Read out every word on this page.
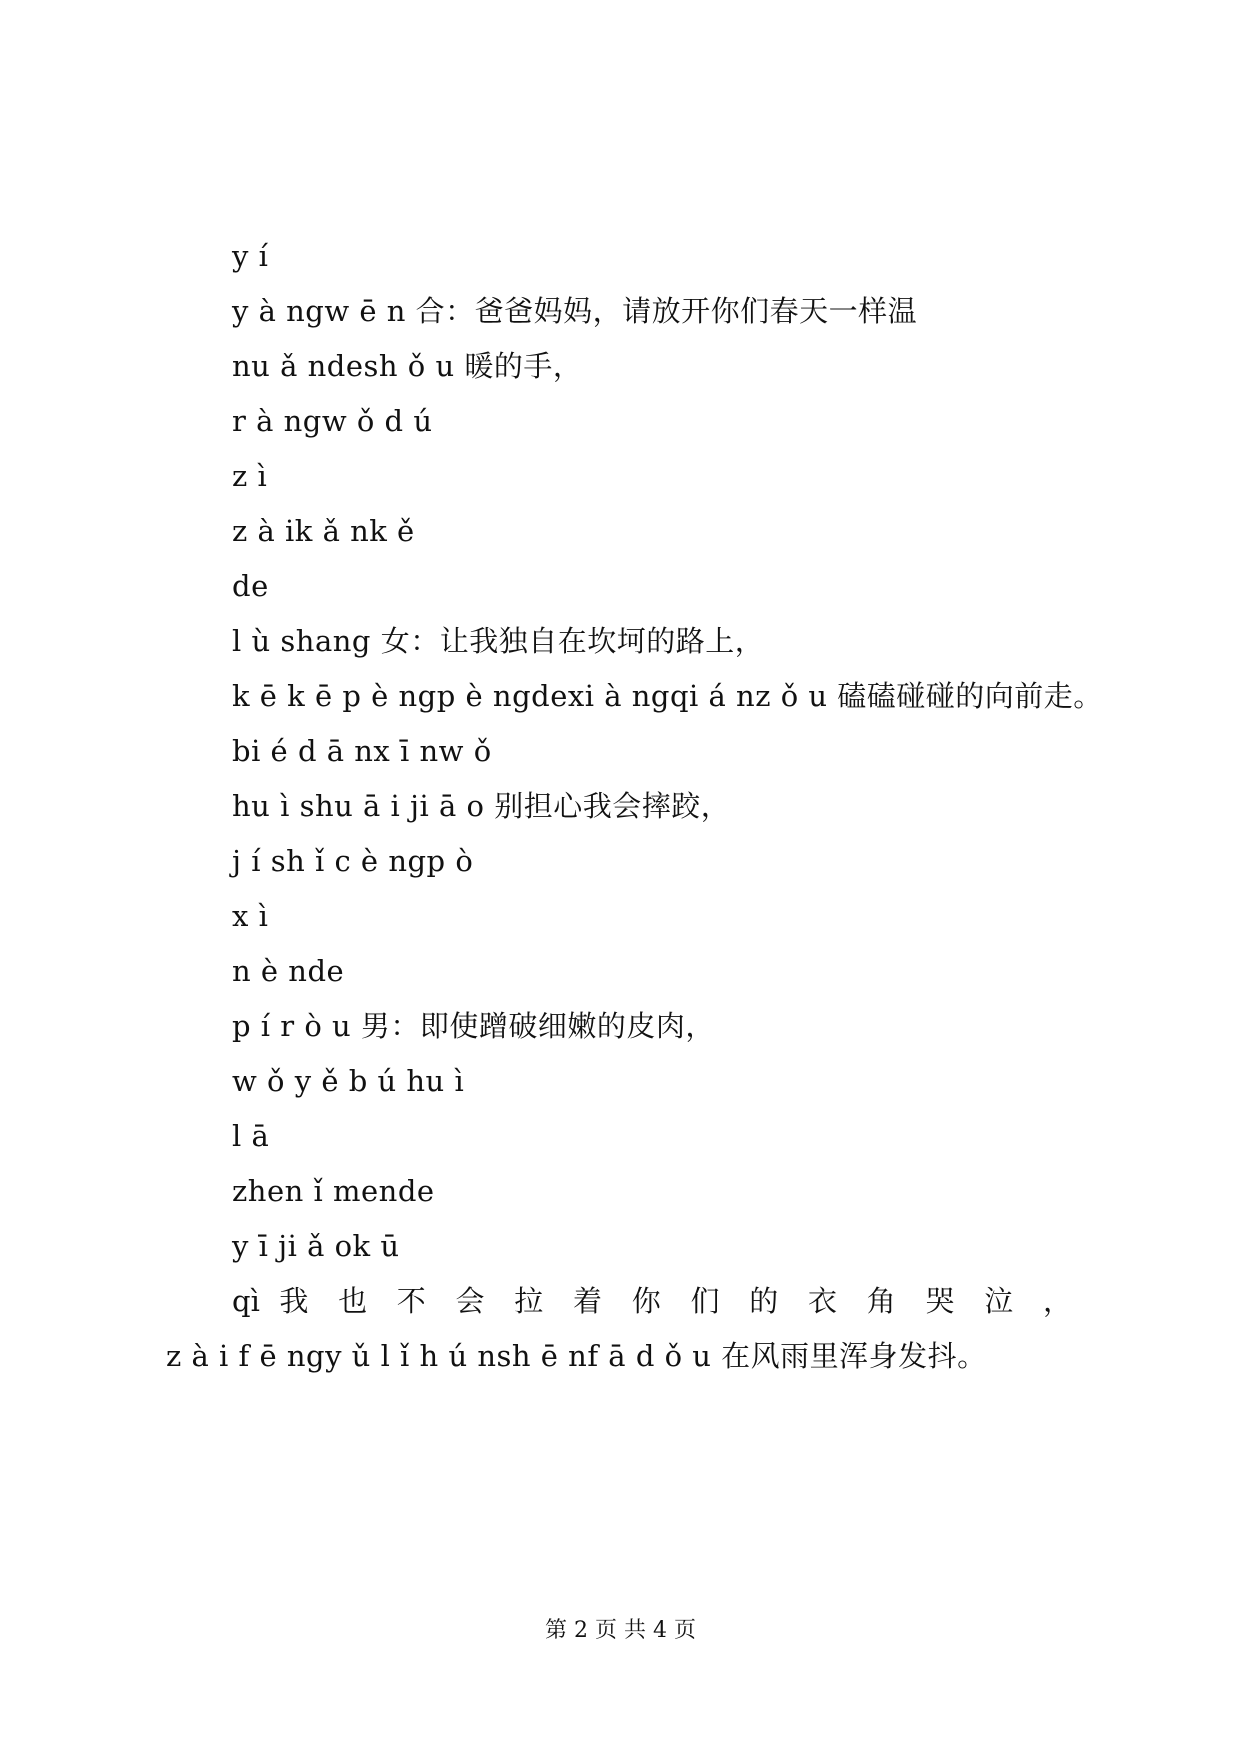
y í
y à ngw ē n 合：爸爸妈妈，请放开你们春天一样温
nu ǎ ndesh ǒ u 暖的手，
r à ngw ǒ d ú
z ì
z à ik ǎ nk ě
de
l ù shang 女：让我独自在坎坷的路上，
k ē k ē p è ngp è ngdexi à ngqi á nz ǒ u 磕磕碰碰的向前走。
bi é d ā nx ī nw ǒ
hu ì shu ā i ji ā o 别担心我会摔跤，
j í sh ǐ c è ngp ò
x ì
n è nde
p í r ò u 男：即使蹭破细嫩的皮肉，
w ǒ y ě b ú hu ì
l ā
zhen ǐ mende
y ī ji ǎ ok ū
qì 我 也 不 会 拉 着 你 们 的 衣 角 哭 泣 ，
z à i f ē ngy ǔ l ǐ h ú nsh ē nf ā d ǒ u 在风雨里浑身发抖。
第 2 页 共 4 页
